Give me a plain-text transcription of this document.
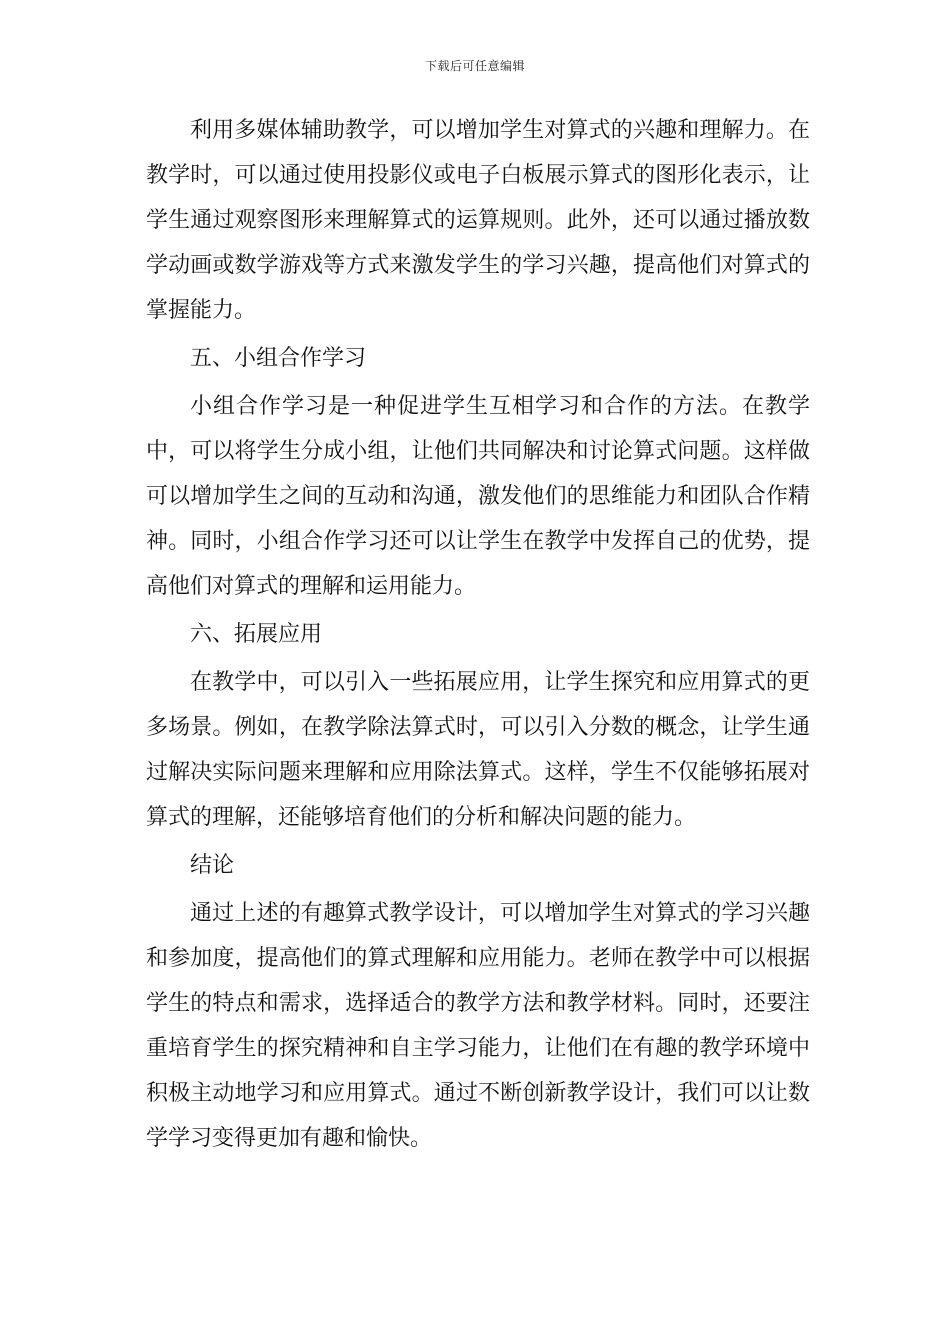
下载后可任意编辑

利用多媒体辅助教学，可以增加学生对算式的兴趣和理解力。在教学时，可以通过使用投影仪或电子白板展示算式的图形化表示，让学生通过观察图形来理解算式的运算规则。此外，还可以通过播放数学动画或数学游戏等方式来激发学生的学习兴趣，提高他们对算式的掌握能力。

五、小组合作学习

小组合作学习是一种促进学生互相学习和合作的方法。在教学中，可以将学生分成小组，让他们共同解决和讨论算式问题。这样做可以增加学生之间的互动和沟通，激发他们的思维能力和团队合作精神。同时，小组合作学习还可以让学生在教学中发挥自己的优势，提高他们对算式的理解和运用能力。

六、拓展应用

在教学中，可以引入一些拓展应用，让学生探究和应用算式的更多场景。例如，在教学除法算式时，可以引入分数的概念，让学生通过解决实际问题来理解和应用除法算式。这样，学生不仅能够拓展对算式的理解，还能够培育他们的分析和解决问题的能力。

结论

通过上述的有趣算式教学设计，可以增加学生对算式的学习兴趣和参加度，提高他们的算式理解和应用能力。老师在教学中可以根据学生的特点和需求，选择适合的教学方法和教学材料。同时，还要注重培育学生的探究精神和自主学习能力，让他们在有趣的教学环境中积极主动地学习和应用算式。通过不断创新教学设计，我们可以让数学学习变得更加有趣和愉快。
